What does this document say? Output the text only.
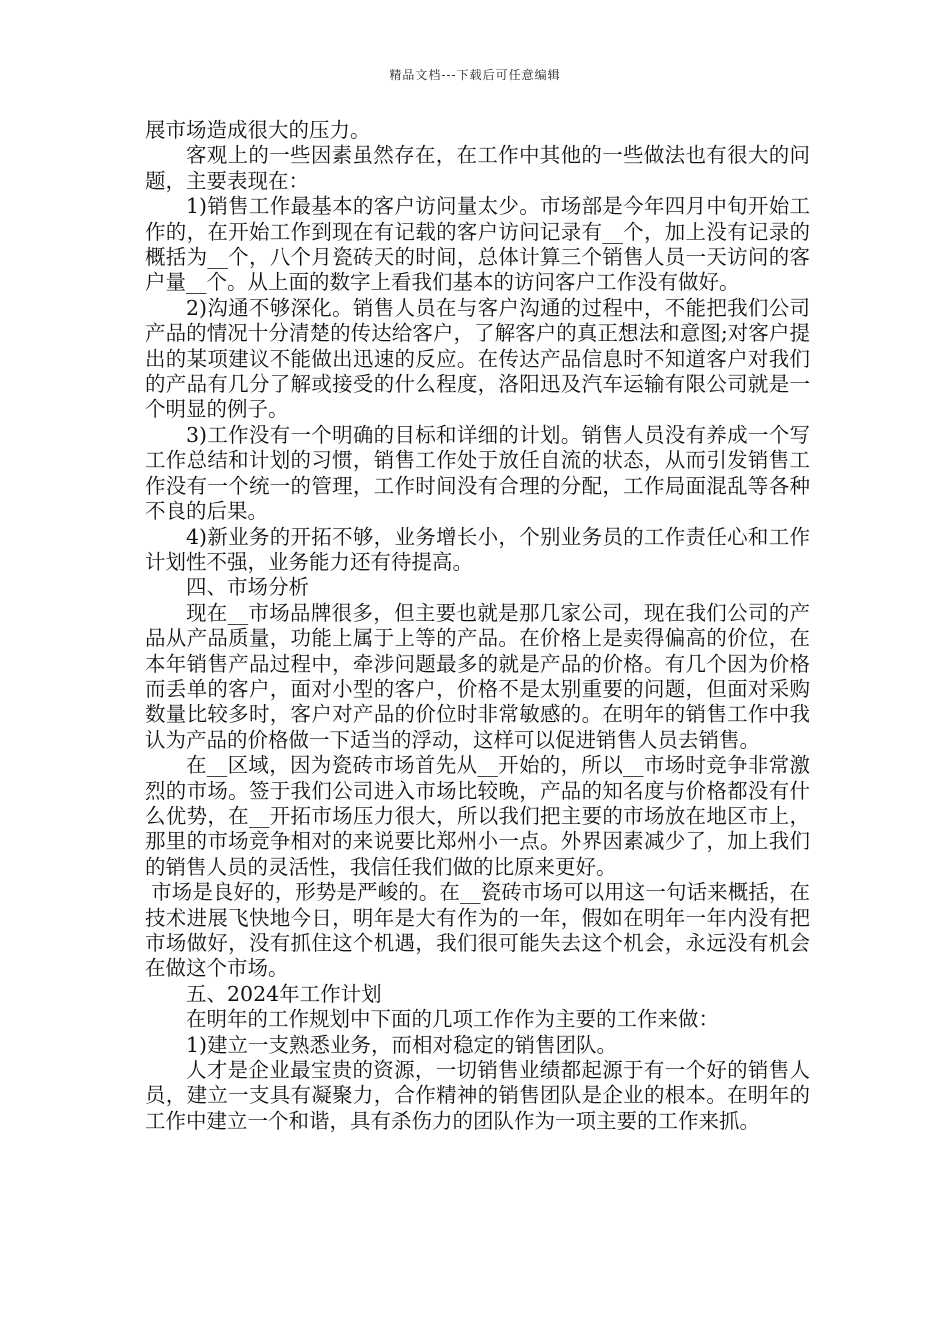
精品文档---下载后可任意编辑

展市场造成很大的压力。

客观上的一些因素虽然存在，在工作中其他的一些做法也有很大的问题，主要表现在：

1)销售工作最基本的客户访问量太少。市场部是今年四月中旬开始工作的，在开始工作到现在有记载的客户访问记录有__个，加上没有记录的概括为__个，八个月瓷砖天的时间，总体计算三个销售人员一天访问的客户量__个。从上面的数字上看我们基本的访问客户工作没有做好。

2)沟通不够深化。销售人员在与客户沟通的过程中，不能把我们公司产品的情况十分清楚的传达给客户，了解客户的真正想法和意图;对客户提出的某项建议不能做出迅速的反应。在传达产品信息时不知道客户对我们的产品有几分了解或接受的什么程度，洛阳迅及汽车运输有限公司就是一个明显的例子。

3)工作没有一个明确的目标和详细的计划。销售人员没有养成一个写工作总结和计划的习惯，销售工作处于放任自流的状态，从而引发销售工作没有一个统一的管理，工作时间没有合理的分配，工作局面混乱等各种不良的后果。

4)新业务的开拓不够，业务增长小，个别业务员的工作责任心和工作计划性不强，业务能力还有待提高。

四、市场分析

现在__市场品牌很多，但主要也就是那几家公司，现在我们公司的产品从产品质量，功能上属于上等的产品。在价格上是卖得偏高的价位，在本年销售产品过程中，牵涉问题最多的就是产品的价格。有几个因为价格而丢单的客户，面对小型的客户，价格不是太别重要的问题，但面对采购数量比较多时，客户对产品的价位时非常敏感的。在明年的销售工作中我认为产品的价格做一下适当的浮动，这样可以促进销售人员去销售。

在__区域，因为瓷砖市场首先从__开始的，所以__市场时竞争非常激烈的市场。签于我们公司进入市场比较晚，产品的知名度与价格都没有什么优势，在__开拓市场压力很大，所以我们把主要的市场放在地区市上，那里的市场竞争相对的来说要比郑州小一点。外界因素减少了，加上我们的销售人员的灵活性，我信任我们做的比原来更好。

市场是良好的，形势是严峻的。在__瓷砖市场可以用这一句话来概括，在技术进展飞快地今日，明年是大有作为的一年，假如在明年一年内没有把市场做好，没有抓住这个机遇，我们很可能失去这个机会，永远没有机会在做这个市场。

五、2024年工作计划

在明年的工作规划中下面的几项工作作为主要的工作来做：

1)建立一支熟悉业务，而相对稳定的销售团队。

人才是企业最宝贵的资源，一切销售业绩都起源于有一个好的销售人员，建立一支具有凝聚力，合作精神的销售团队是企业的根本。在明年的工作中建立一个和谐，具有杀伤力的团队作为一项主要的工作来抓。
